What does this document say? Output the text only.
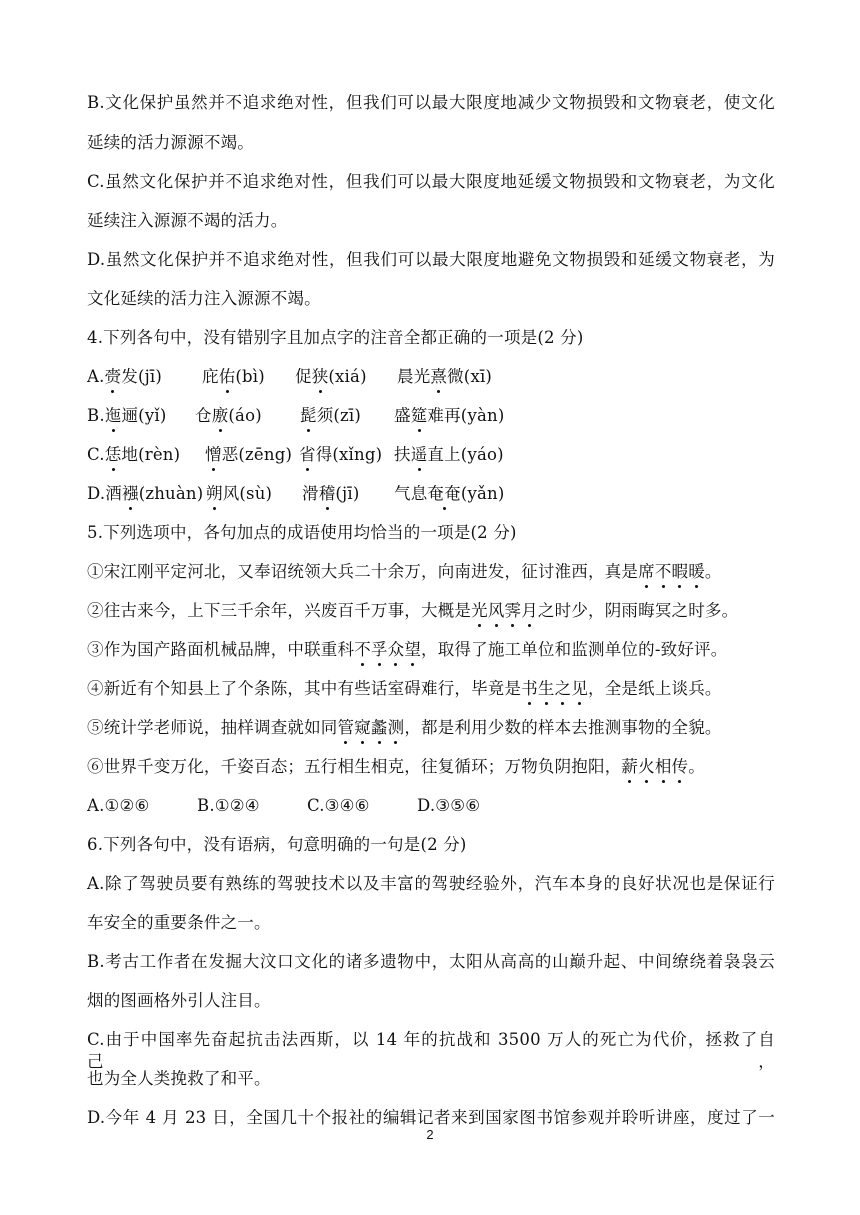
B.文化保护虽然并不追求绝对性，但我们可以最大限度地减少文物损毁和文物衰老，使文化
延续的活力源源不竭。
C.虽然文化保护并不追求绝对性，但我们可以最大限度地延缓文物损毁和文物衰老，为文化
延续注入源源不竭的活力。
D.虽然文化保护并不追求绝对性，但我们可以最大限度地避免文物损毁和延缓文物衰老，为
文化延续的活力注入源源不竭。
4.下列各句中，没有错别字且加点字的注音全都正确的一项是(2 分)
A.赍发(jī) 庇佑(bì) 促狭(xiá) 晨光熹微(xī)
B.迤逦(yǐ) 仓廒(áo) 髭须(zī) 盛筵难再(yàn)
C.恁地(rèn) 憎恶(zēng) 省得(xǐng) 扶遥直上(yáo)
D.酒襁(zhuàn) 朔风(sù) 滑稽(jī) 气息奄奄(yǎn)
5.下列选项中，各句加点的成语使用均恰当的一项是(2 分)
①宋江刚平定河北，又奉诏统领大兵二十余万，向南进发，征讨淮西，真是席不暇暖。
②往古来今，上下三千余年，兴废百千万事，大概是光风霁月之时少，阴雨晦冥之时多。
③作为国产路面机械品牌，中联重科不孚众望，取得了施工单位和监测单位的-致好评。
④新近有个知县上了个条陈，其中有些话室碍难行，毕竟是书生之见，全是纸上谈兵。
⑤统计学老师说，抽样调查就如同管窥蠡测，都是利用少数的样本去推测事物的全貌。
⑥世界千变万化，千姿百态；五行相生相克，往复循环；万物负阴抱阳，薪火相传。
A.①②⑥	B.①②④	C.③④⑥	D.③⑤⑥
6.下列各句中，没有语病，句意明确的一句是(2 分)
A.除了驾驶员要有熟练的驾驶技术以及丰富的驾驶经验外，汽车本身的良好状况也是保证行
车安全的重要条件之一。
B.考古工作者在发掘大汶口文化的诸多遗物中，太阳从高高的山巅升起、中间缭绕着袅袅云
烟的图画格外引人注目。
C.由于中国率先奋起抗击法西斯，以 14 年的抗战和 3500 万人的死亡为代价，拯救了自己，
也为全人类挽救了和平。
D.今年 4 月 23 日，全国几十个报社的编辑记者来到国家图书馆参观并聆听讲座，度过了一
2
